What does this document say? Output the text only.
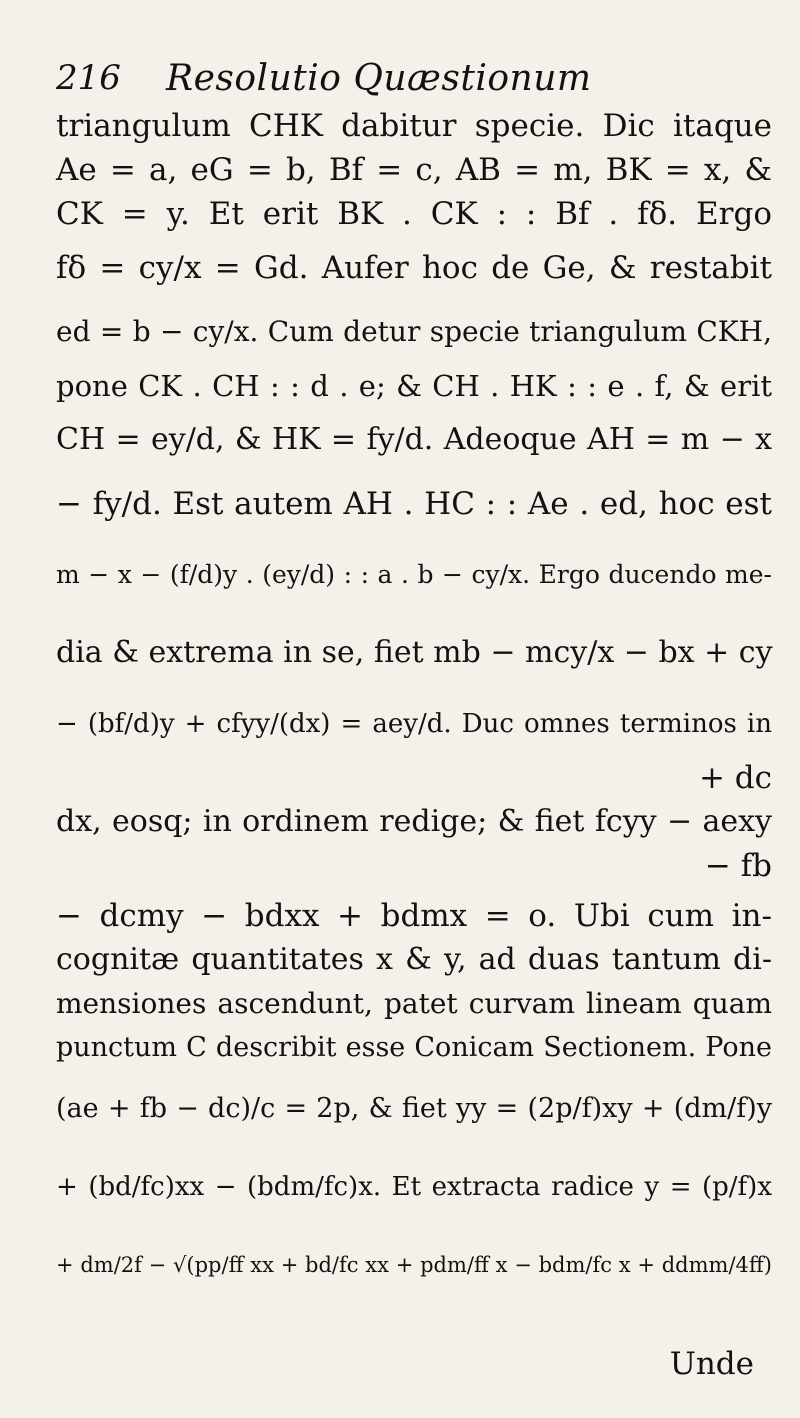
216 Resolutio Quæstionum
triangulum CHK dabitur specie. Dic itaque
Ae = a, eG = b, Bf = c, AB = m, BK = x, &
CK = y. Et erit BK . CK : : Bf . fδ. Ergo
fδ = cy/x = Gd. Aufer hoc de Ge, & restabit
ed = b − cy/x. Cum detur specie triangulum CKH,
pone CK . CH : : d . e; & CH . HK : : e . f, & erit
CH = ey/d, & HK = fy/d. Adeoque AH = m − x
− fy/d. Est autem AH . HC : : Ae . ed, hoc est
m − x − (f/d)y . (ey/d) : : a . b − cy/x. Ergo ducendo me-
dia & extrema in se, fiet mb − mcy/x − bx + cy
− (bf/d)y + cfyy/(dx) = aey/d. Duc omnes terminos in
+ dc
dx, eosq; in ordinem redige; & fiet fcyy − aexy
− fb
− dcmy − bdxx + bdmx = o. Ubi cum in-
cognitæ quantitates x & y, ad duas tantum di-
mensiones ascendunt, patet curvam lineam quam
punctum C describit esse Conicam Sectionem. Pone
(ae + fb − dc)/c = 2p, & fiet yy = (2p/f)xy + (dm/f)y
+ (bd/fc)xx − (bdm/fc)x. Et extracta radice y = (p/f)x
+ dm/2f − √(pp/ff xx + bd/fc xx + pdm/ff x − bdm/fc x + ddmm/4ff)
Unde
